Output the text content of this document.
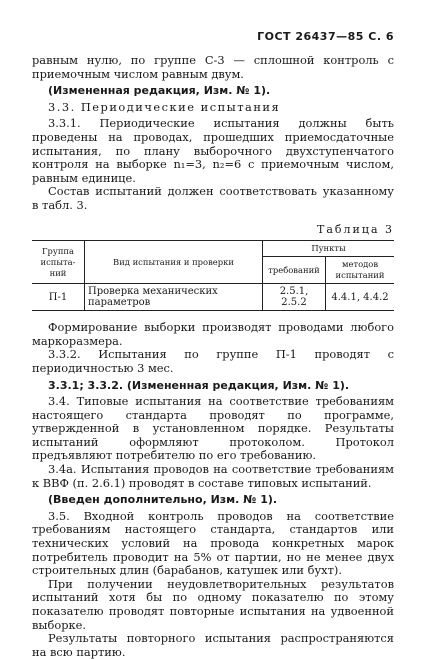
ГОСТ 26437—85 С. 6

равным нулю, по группе С-3 — сплошной контроль с приемочным числом равным двум.

(Измененная редакция, Изм. № 1).

3.3. Периодические испытания

3.3.1. Периодические испытания должны быть проведены на проводах, прошедших приемосдаточные испытания, по плану выборочного двухступенчатого контроля на выборке n₁=3, n₂=6 с приемочным числом, равным единице.

Состав испытаний должен соответствовать указанному в табл. 3.

Таблица 3
Группа испыта-ний	Вид испытания и проверки	Пункты	
		требований	методов испытаний
П-1	Проверка механических параметров	2.5.1, 2.5.2	4.4.1, 4.4.2

Формирование выборки производят проводами любого маркоразмера.

3.3.2. Испытания по группе П-1 проводят с периодичностью 3 мес.

3.3.1; 3.3.2. (Измененная редакция, Изм. № 1).

3.4. Типовые испытания на соответствие требованиям настоящего стандарта проводят по программе, утвержденной в установленном порядке. Результаты испытаний оформляют протоколом. Протокол предъявляют потребителю по его требованию.

3.4a. Испытания проводов на соответствие требованиям к ВВФ (п. 2.6.1) проводят в составе типовых испытаний.

(Введен дополнительно, Изм. № 1).

3.5. Входной контроль проводов на соответствие требованиям настоящего стандарта, стандартов или технических условий на провода конкретных марок потребитель проводит на 5% от партии, но не менее двух строительных длин (барабанов, катушек или бухт).

При получении неудовлетворительных результатов испытаний хотя бы по одному показателю по этому показателю проводят повторные испытания на удвоенной выборке.

Результаты повторного испытания распространяются на всю партию.
